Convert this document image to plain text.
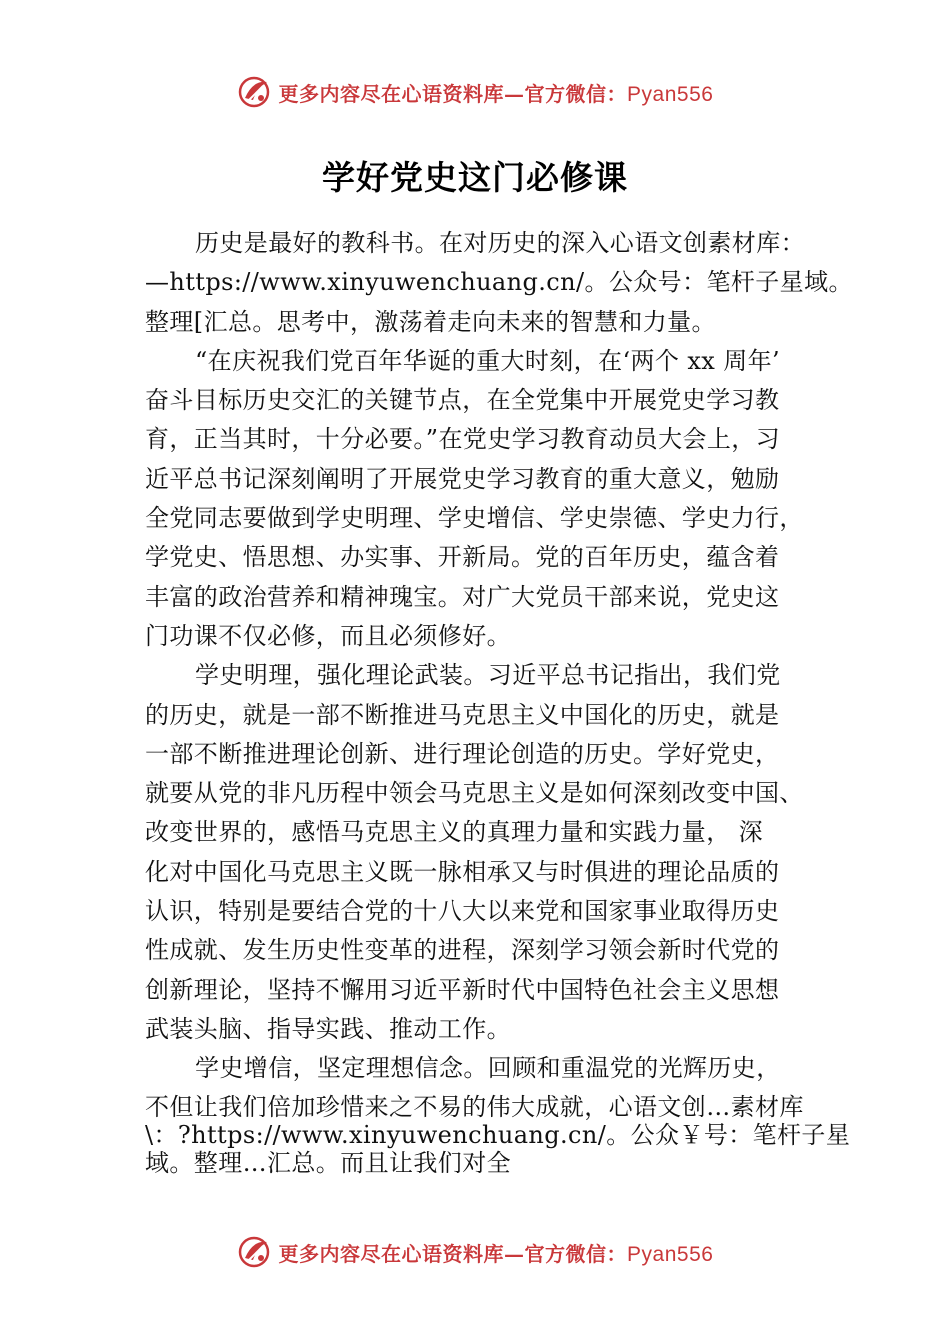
更多内容尽在心语资料库—官方微信：Pyan556
学好党史这门必修课
历史是最好的教科书。在对历史的深入心语文创素材库：
—https://www.xinyuwenchuang.cn/。公众号：笔杆子星域。
整理[汇总。思考中，激荡着走向未来的智慧和力量。
“在庆祝我们党百年华诞的重大时刻，在‘两个 xx 周年’
奋斗目标历史交汇的关键节点，在全党集中开展党史学习教
育，正当其时，十分必要。”在党史学习教育动员大会上，习
近平总书记深刻阐明了开展党史学习教育的重大意义，勉励
全党同志要做到学史明理、学史增信、学史崇德、学史力行，
学党史、悟思想、办实事、开新局。党的百年历史，蕴含着
丰富的政治营养和精神瑰宝。对广大党员干部来说，党史这
门功课不仅必修，而且必须修好。
学史明理，强化理论武装。习近平总书记指出，我们党
的历史，就是一部不断推进马克思主义中国化的历史，就是
一部不断推进理论创新、进行理论创造的历史。学好党史，
就要从党的非凡历程中领会马克思主义是如何深刻改变中国、
改变世界的，感悟马克思主义的真理力量和实践力量， 深
化对中国化马克思主义既一脉相承又与时俱进的理论品质的
认识，特别是要结合党的十八大以来党和国家事业取得历史
性成就、发生历史性变革的进程，深刻学习领会新时代党的
创新理论，坚持不懈用习近平新时代中国特色社会主义思想
武装头脑、指导实践、推动工作。
学史增信，坚定理想信念。回顾和重温党的光辉历史，
不但让我们倍加珍惜来之不易的伟大成就，心语文创…素材库
\：?https://www.xinyuwenchuang.cn/。公众￥号：笔杆子星
域。整理…汇总。而且让我们对全
更多内容尽在心语资料库—官方微信：Pyan556
